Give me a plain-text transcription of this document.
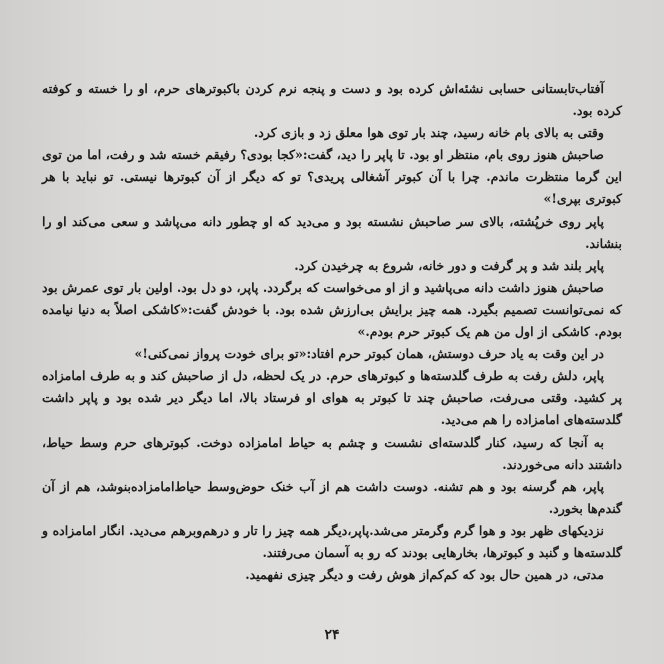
آفتاب‌تابستانی حسابی نشئه‌اش کرده بود و دست و پنجه نرم کردن باکبوترهای حرم، او را خسته و کوفته کرده بود.

وقتی به بالای بام خانه رسید، چند بار توی هوا معلق زد و بازی کرد.

صاحبش هنوز روی بام، منتظر او بود. تا پاپر را دید، گفت:«کجا بودی؟ رفیقم خسته شد و رفت، اما من توی این گرما منتظرت ماندم. چرا با آن کبوتر آشغالی پریدی؟ تو که دیگر از آن کبوترها نیستی. تو نباید با هر کبوتری بپری!»

پاپر روی خرپُشته، بالای سر صاحبش نشسته بود و می‌دید که او چطور دانه می‌پاشد و سعی می‌کند او را بنشاند.

پاپر بلند شد و پر گرفت و دور خانه، شروع به چرخیدن کرد.

صاحبش هنوز داشت دانه می‌پاشید و از او می‌خواست که برگردد. پاپر، دو دل بود. اولین بار توی عمرش بود که نمی‌توانست تصمیم بگیرد. همه چیز برایش بی‌ارزش شده بود. با خودش گفت:«کاشکی اصلاً به دنیا نیامده بودم. کاشکی از اول من هم یک کبوتر حرم بودم.»

در این وقت به یاد حرف دوستش، همان کبوتر حرم افتاد:«تو برای خودت پرواز نمی‌کنی!»

پاپر، دلش رفت به طرف گلدسته‌ها و کبوترهای حرم. در یک لحظه، دل از صاحبش کند و به طرف امامزاده پر کشید. وقتی می‌رفت، صاحبش چند تا کبوتر به هوای او فرستاد بالا، اما دیگر دیر شده بود و پاپر داشت گلدسته‌های امامزاده را هم می‌دید.

به آنجا که رسید، کنار گلدسته‌ای نشست و چشم به حیاط امامزاده دوخت. کبوترهای حرم وسط حیاط، داشتند دانه می‌خوردند.

پاپر، هم گرسنه بود و هم تشنه. دوست داشت هم از آب خنک حوض‌وسط حیاط‌امامزاده‌بنوشد، هم از آن گندم‌ها بخورد.

نزدیکهای ظهر بود و هوا گرم وگرمتر می‌شد.پاپر،دیگر همه چیز را تار و درهم‌وبرهم می‌دید. انگار امامزاده و گلدسته‌ها و گنبد و کبوترها، بخارهایی بودند که رو به آسمان می‌رفتند.

مدتی، در همین حال بود که کم‌کم‌از هوش رفت و دیگر چیزی نفهمید.

۲۴
